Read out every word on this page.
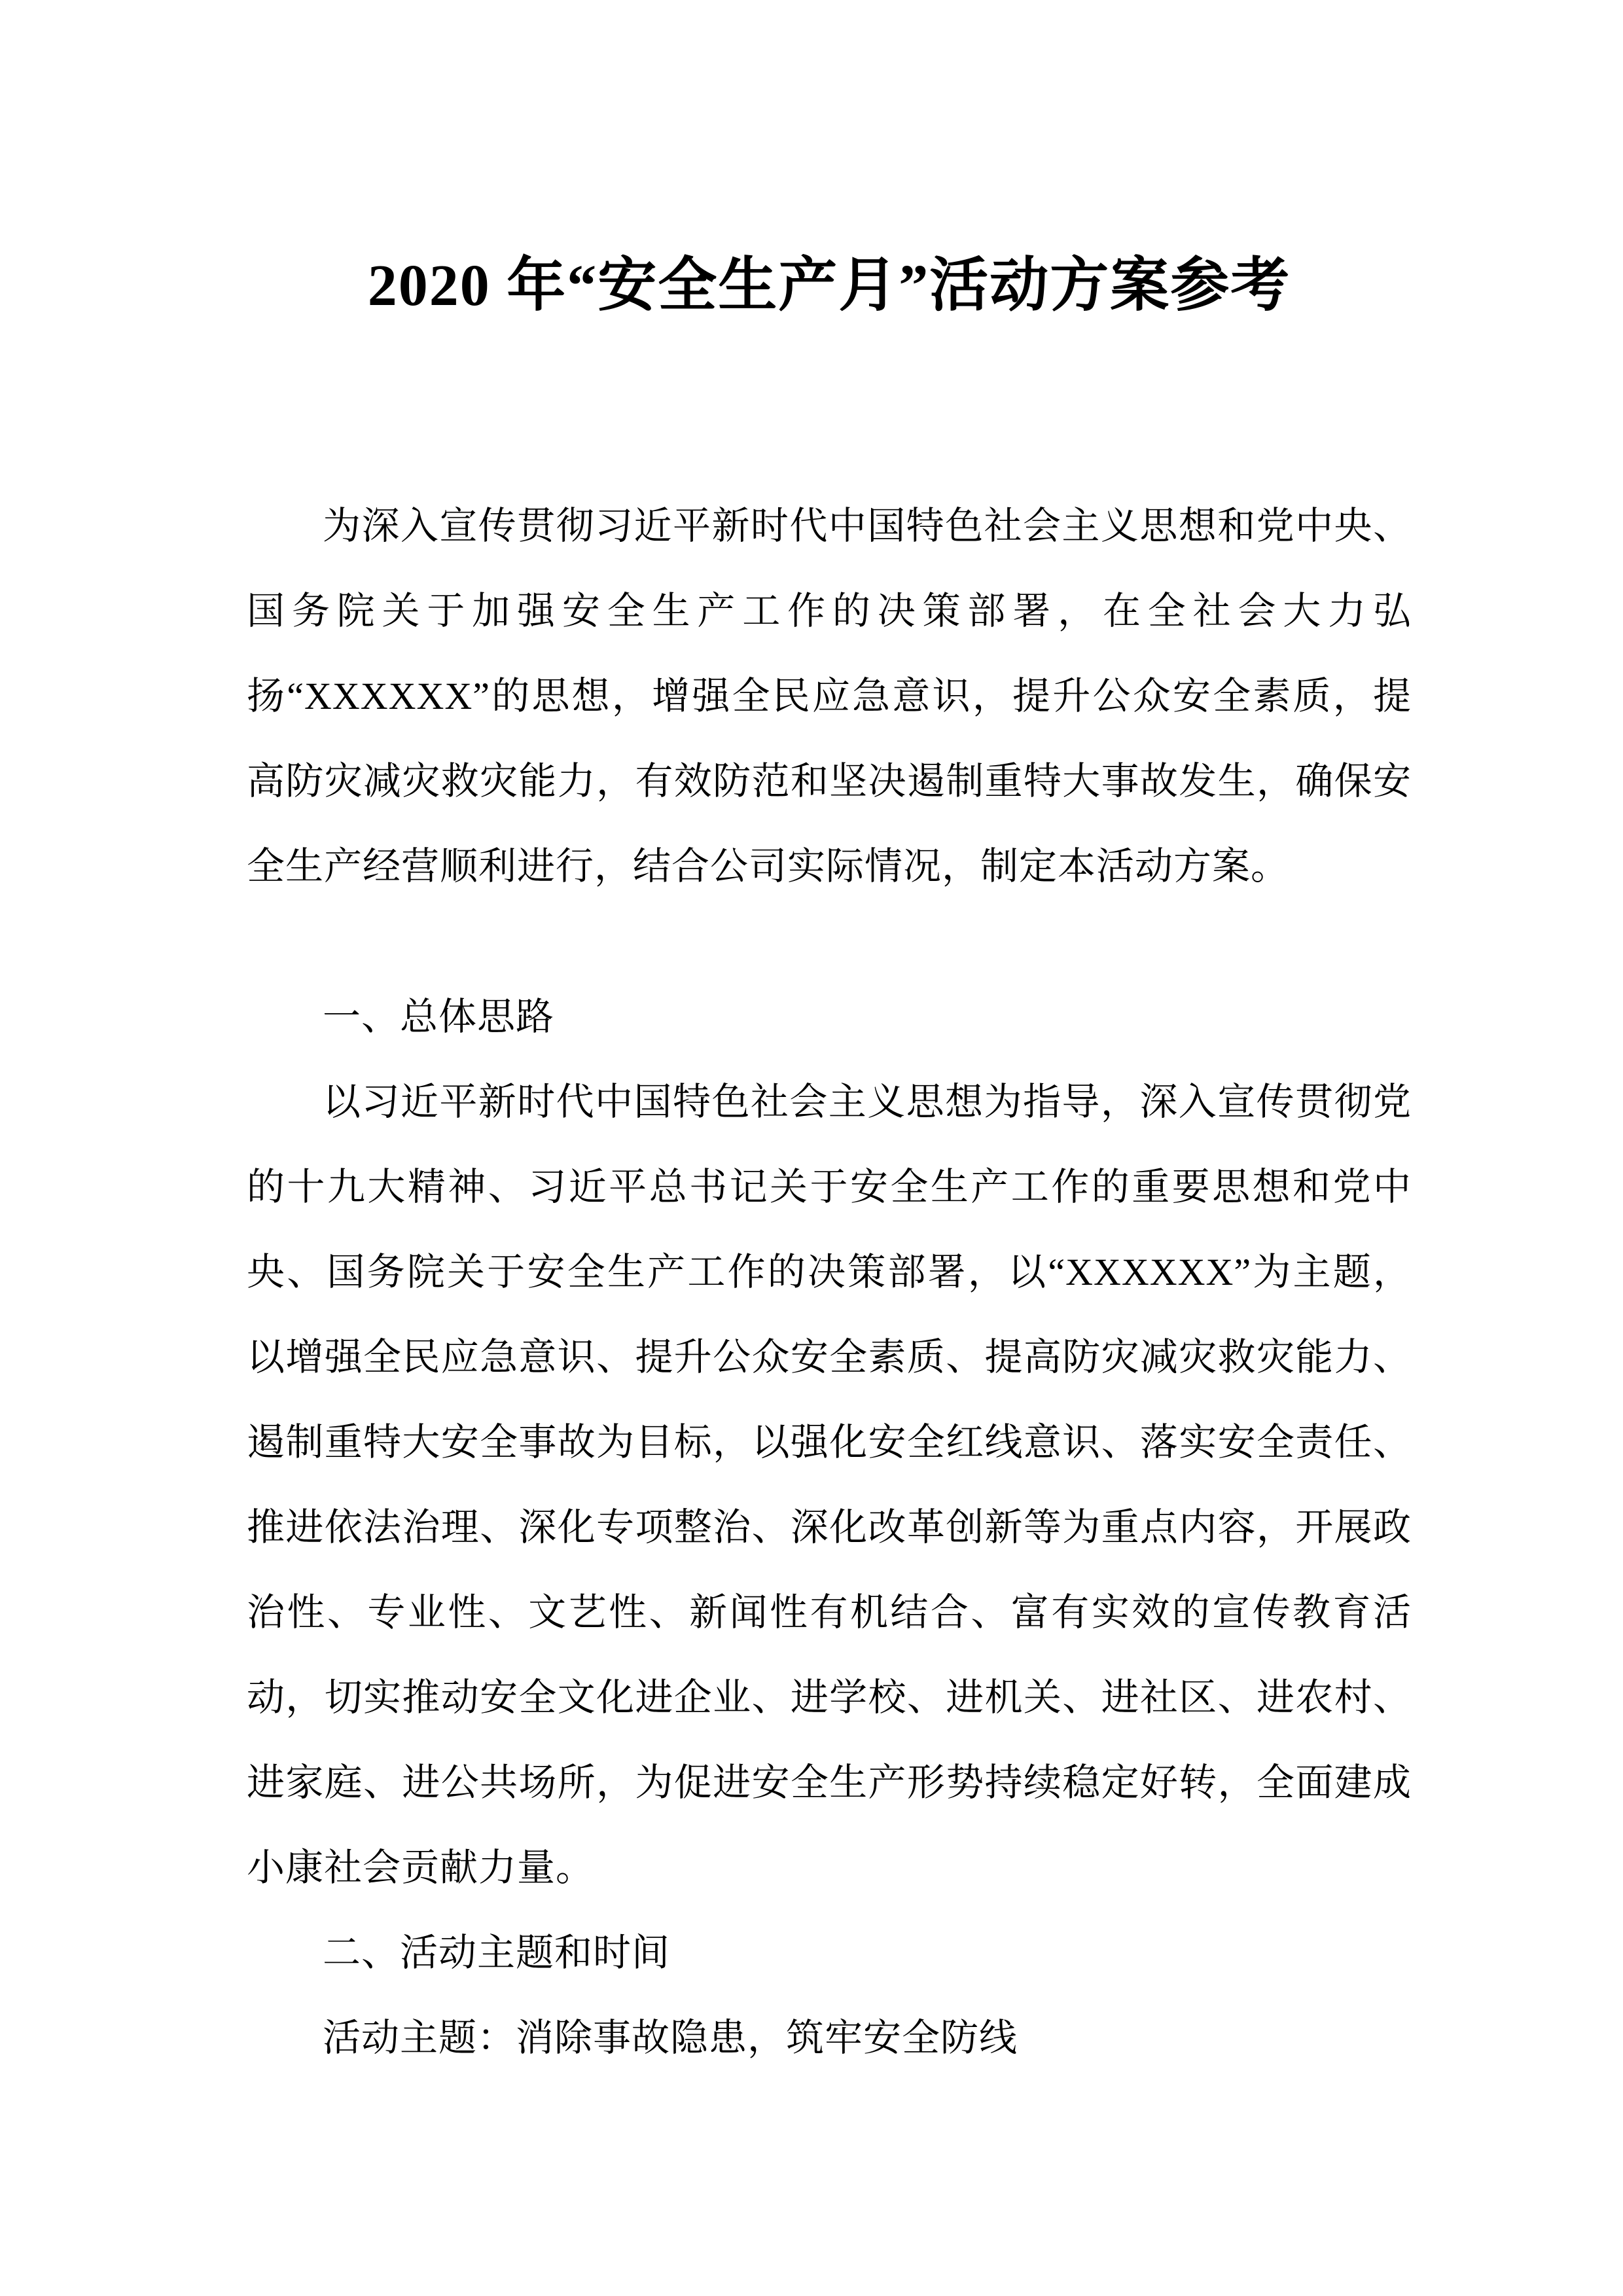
2020 年“安全生产月”活动方案参考

为深入宣传贯彻习近平新时代中国特色社会主义思想和党中央、国务院关于加强安全生产工作的决策部署，在全社会大力弘扬“XXXXXX”的思想，增强全民应急意识，提升公众安全素质，提高防灾减灾救灾能力，有效防范和坚决遏制重特大事故发生，确保安全生产经营顺利进行，结合公司实际情况，制定本活动方案。

一、总体思路

以习近平新时代中国特色社会主义思想为指导，深入宣传贯彻党的十九大精神、习近平总书记关于安全生产工作的重要思想和党中央、国务院关于安全生产工作的决策部署，以“XXXXXX”为主题，以增强全民应急意识、提升公众安全素质、提高防灾减灾救灾能力、遏制重特大安全事故为目标，以强化安全红线意识、落实安全责任、推进依法治理、深化专项整治、深化改革创新等为重点内容，开展政治性、专业性、文艺性、新闻性有机结合、富有实效的宣传教育活动，切实推动安全文化进企业、进学校、进机关、进社区、进农村、进家庭、进公共场所，为促进安全生产形势持续稳定好转，全面建成小康社会贡献力量。

二、活动主题和时间

活动主题：消除事故隐患，筑牢安全防线
